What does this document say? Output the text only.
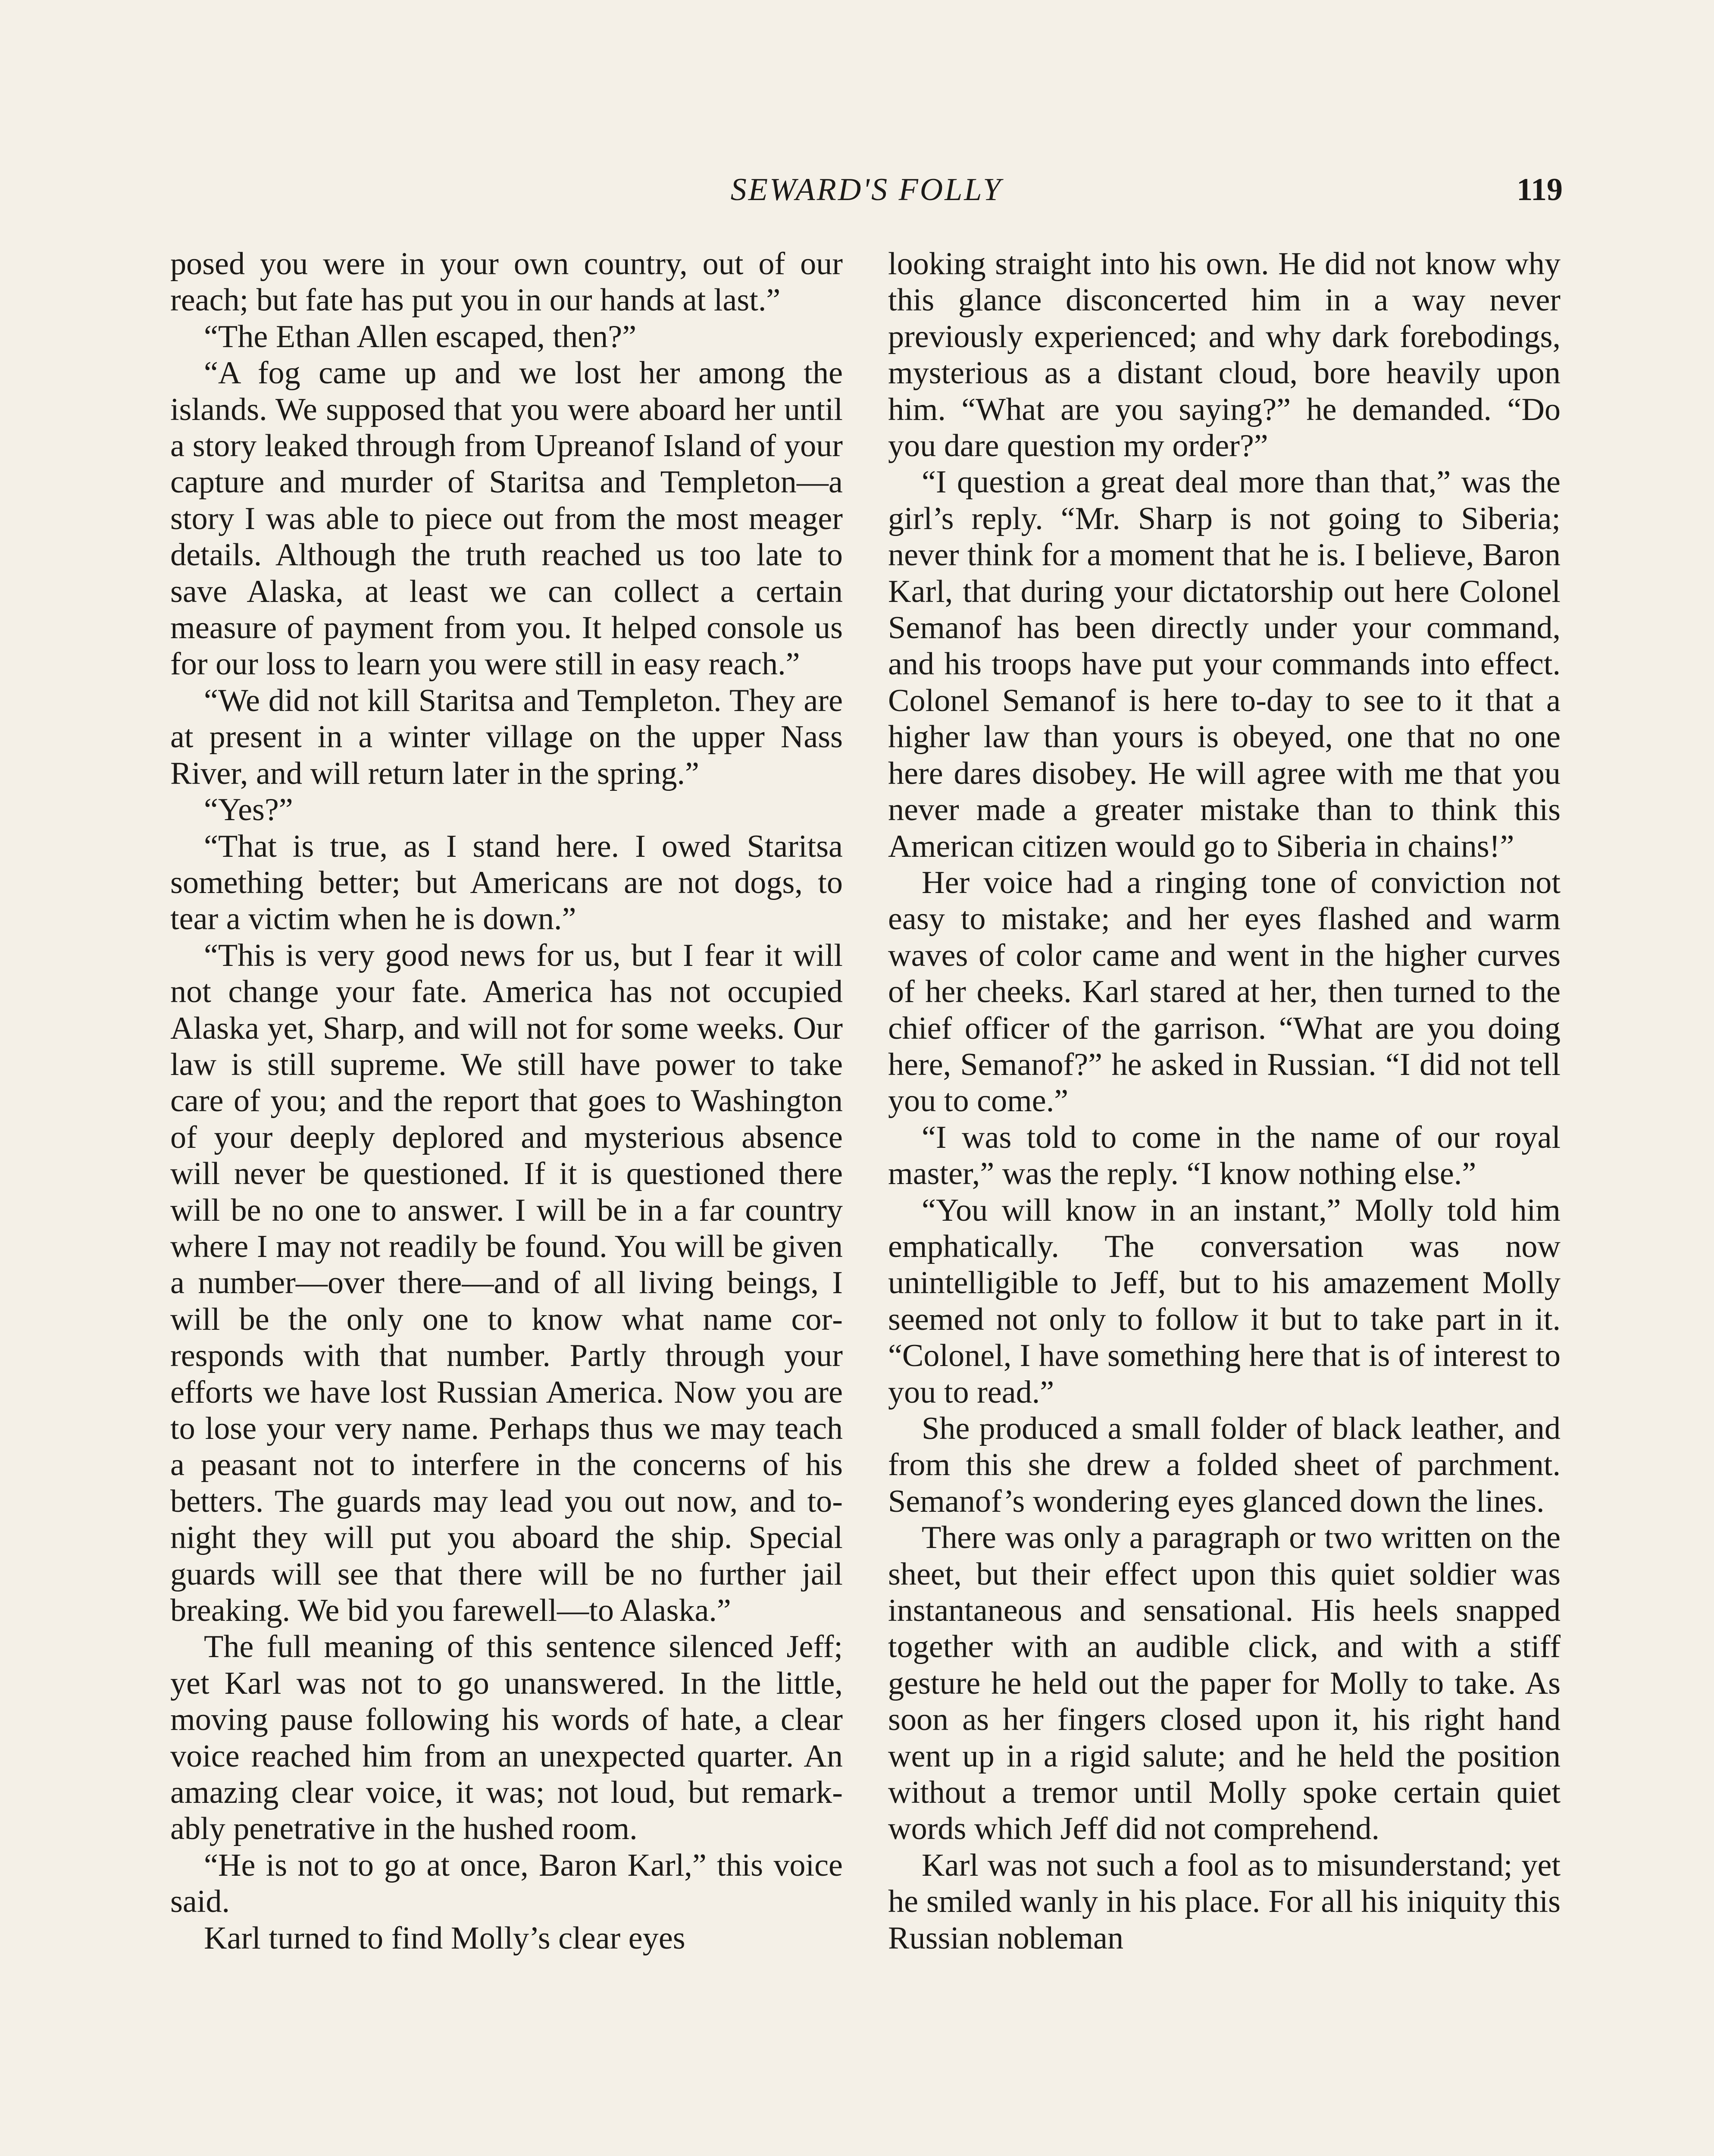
SEWARD'S FOLLY	119

posed you were in your own country, out of our reach; but fate has put you in our hands at last.”

“The Ethan Allen escaped, then?”

“A fog came up and we lost her among the islands. We supposed that you were aboard her until a story leaked through from Upreanof Island of your capture and murder of Staritsa and Templeton—a story I was able to piece out from the most meager details. Although the truth reached us too late to save Alaska, at least we can collect a certain measure of payment from you. It helped console us for our loss to learn you were still in easy reach.”

“We did not kill Staritsa and Templeton. They are at present in a winter village on the upper Nass River, and will return later in the spring.”

“Yes?”

“That is true, as I stand here. I owed Staritsa something better; but Americans are not dogs, to tear a victim when he is down.”

“This is very good news for us, but I fear it will not change your fate. America has not occupied Alaska yet, Sharp, and will not for some weeks. Our law is still supreme. We still have power to take care of you; and the report that goes to Washington of your deeply deplored and mysterious absence will never be questioned. If it is questioned there will be no one to answer. I will be in a far country where I may not readily be found. You will be given a number—over there—and of all living beings, I will be the only one to know what name corresponds with that number. Partly through your efforts we have lost Russian America. Now you are to lose your very name. Perhaps thus we may teach a peasant not to interfere in the concerns of his betters. The guards may lead you out now, and tonight they will put you aboard the ship. Special guards will see that there will be no further jail breaking. We bid you farewell—to Alaska.”

The full meaning of this sentence silenced Jeff; yet Karl was not to go unanswered. In the little, moving pause following his words of hate, a clear voice reached him from an unexpected quarter. An amazing clear voice, it was; not loud, but remarkably penetrative in the hushed room.

“He is not to go at once, Baron Karl,” this voice said.

Karl turned to find Molly’s clear eyes

looking straight into his own. He did not know why this glance disconcerted him in a way never previously experienced; and why dark forebodings, mysterious as a distant cloud, bore heavily upon him. “What are you saying?” he demanded. “Do you dare question my order?”

“I question a great deal more than that,” was the girl’s reply. “Mr. Sharp is not going to Siberia; never think for a moment that he is. I believe, Baron Karl, that during your dictatorship out here Colonel Semanof has been directly under your command, and his troops have put your commands into effect. Colonel Semanof is here to-day to see to it that a higher law than yours is obeyed, one that no one here dares disobey. He will agree with me that you never made a greater mistake than to think this American citizen would go to Siberia in chains!”

Her voice had a ringing tone of conviction not easy to mistake; and her eyes flashed and warm waves of color came and went in the higher curves of her cheeks. Karl stared at her, then turned to the chief officer of the garrison. “What are you doing here, Semanof?” he asked in Russian. “I did not tell you to come.”

“I was told to come in the name of our royal master,” was the reply. “I know nothing else.”

“You will know in an instant,” Molly told him emphatically. The conversation was now unintelligible to Jeff, but to his amazement Molly seemed not only to follow it but to take part in it. “Colonel, I have something here that is of interest to you to read.”

She produced a small folder of black leather, and from this she drew a folded sheet of parchment. Semanof’s wondering eyes glanced down the lines.

There was only a paragraph or two written on the sheet, but their effect upon this quiet soldier was instantaneous and sensational. His heels snapped together with an audible click, and with a stiff gesture he held out the paper for Molly to take. As soon as her fingers closed upon it, his right hand went up in a rigid salute; and he held the position without a tremor until Molly spoke certain quiet words which Jeff did not comprehend.

Karl was not such a fool as to misunderstand; yet he smiled wanly in his place. For all his iniquity this Russian nobleman
